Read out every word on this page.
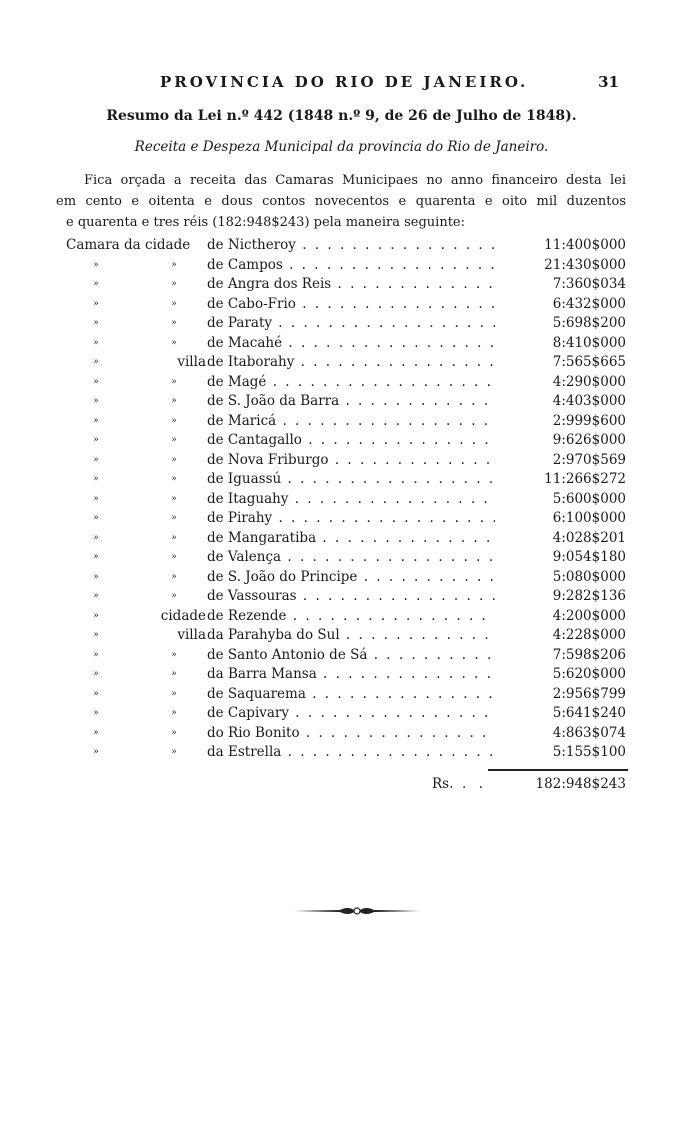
PROVINCIA DO RIO DE JANEIRO.	31
Resumo da Lei n.º 442 (1848 n.º 9, de 26 de Julho de 1848).
Receita e Despeza Municipal da provincia do Rio de Janeiro.
Fica orçada a receita das Camaras Municipaes no anno financeiro desta lei
em cento e oitenta e dous contos novecentos e quarenta e oito mil duzentos
e quarenta e tres réis (182:948$243) pela maneira seguinte:
Camara da cidade de Nictheroy . . .	11:400$000
»	»	de Campos . . .	21:430$000
»	»	de Angra dos Reis . . .	7:360$034
»	»	de Cabo-Frio . . .	6:432$000
»	»	de Paraty . . .	5:698$200
»	»	de Macahé . . .	8:410$000
»	villa de Itaborahy . . .	7:565$665
»	»	de Magé . . .	4:290$000
»	»	de S. João da Barra . . .	4:403$000
»	»	de Maricá . . .	2:999$600
»	»	de Cantagallo . . .	9:626$000
»	»	de Nova Friburgo . . .	2:970$569
»	»	de Iguassú . . .	11:266$272
»	»	de Itaguahy . . .	5:600$000
»	»	de Pirahy . . .	6:100$000
»	»	de Mangaratiba . . .	4:028$201
»	»	de Valença . . .	9:054$180
»	»	de S. João do Principe . . .	5:080$000
»	»	de Vassouras . . .	9:282$136
»	cidade de Rezende . . .	4:200$000
»	villa da Parahyba do Sul . . .	4:228$000
»	»	de Santo Antonio de Sá . . .	7:598$206
»	»	da Barra Mansa . . .	5:620$000
»	»	de Saquarema . . .	2:956$799
»	»	de Capivary . . .	5:641$240
»	»	do Rio Bonito . . .	4:863$074
»	»	da Estrella . . .	5:155$100
Rs. . .	182:948$243
